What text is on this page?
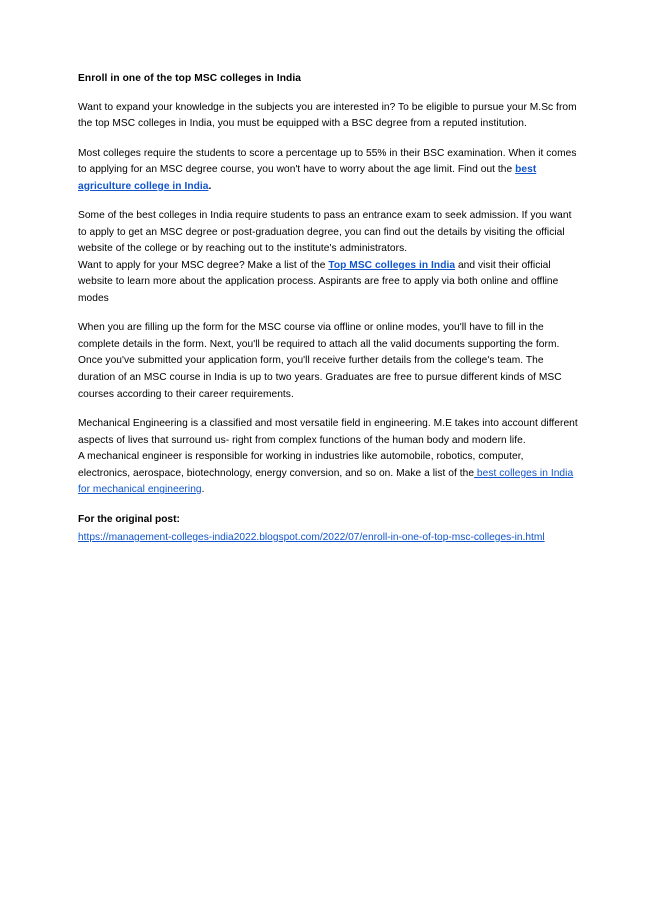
Enroll in one of the top MSC colleges in India

Want to expand your knowledge in the subjects you are interested in? To be eligible to pursue your M.Sc from the top MSC colleges in India, you must be equipped with a BSC degree from a reputed institution.

Most colleges require the students to score a percentage up to 55% in their BSC examination. When it comes to applying for an MSC degree course, you won't have to worry about the age limit. Find out the best agriculture college in India.

Some of the best colleges in India require students to pass an entrance exam to seek admission. If you want to apply to get an MSC degree or post-graduation degree, you can find out the details by visiting the official website of the college or by reaching out to the institute's administrators.

Want to apply for your MSC degree? Make a list of the Top MSC colleges in India and visit their official website to learn more about the application process. Aspirants are free to apply via both online and offline modes

When you are filling up the form for the MSC course via offline or online modes, you'll have to fill in the complete details in the form. Next, you'll be required to attach all the valid documents supporting the form.

Once you've submitted your application form, you'll receive further details from the college's team. The duration of an MSC course in India is up to two years. Graduates are free to pursue different kinds of MSC courses according to their career requirements.

Mechanical Engineering is a classified and most versatile field in engineering. M.E takes into account different aspects of lives that surround us- right from complex functions of the human body and modern life.

A mechanical engineer is responsible for working in industries like automobile, robotics, computer, electronics, aerospace, biotechnology, energy conversion, and so on. Make a list of the best colleges in India for mechanical engineering.

For the original post:

https://management-colleges-india2022.blogspot.com/2022/07/enroll-in-one-of-top-msc-colleges-in.html
